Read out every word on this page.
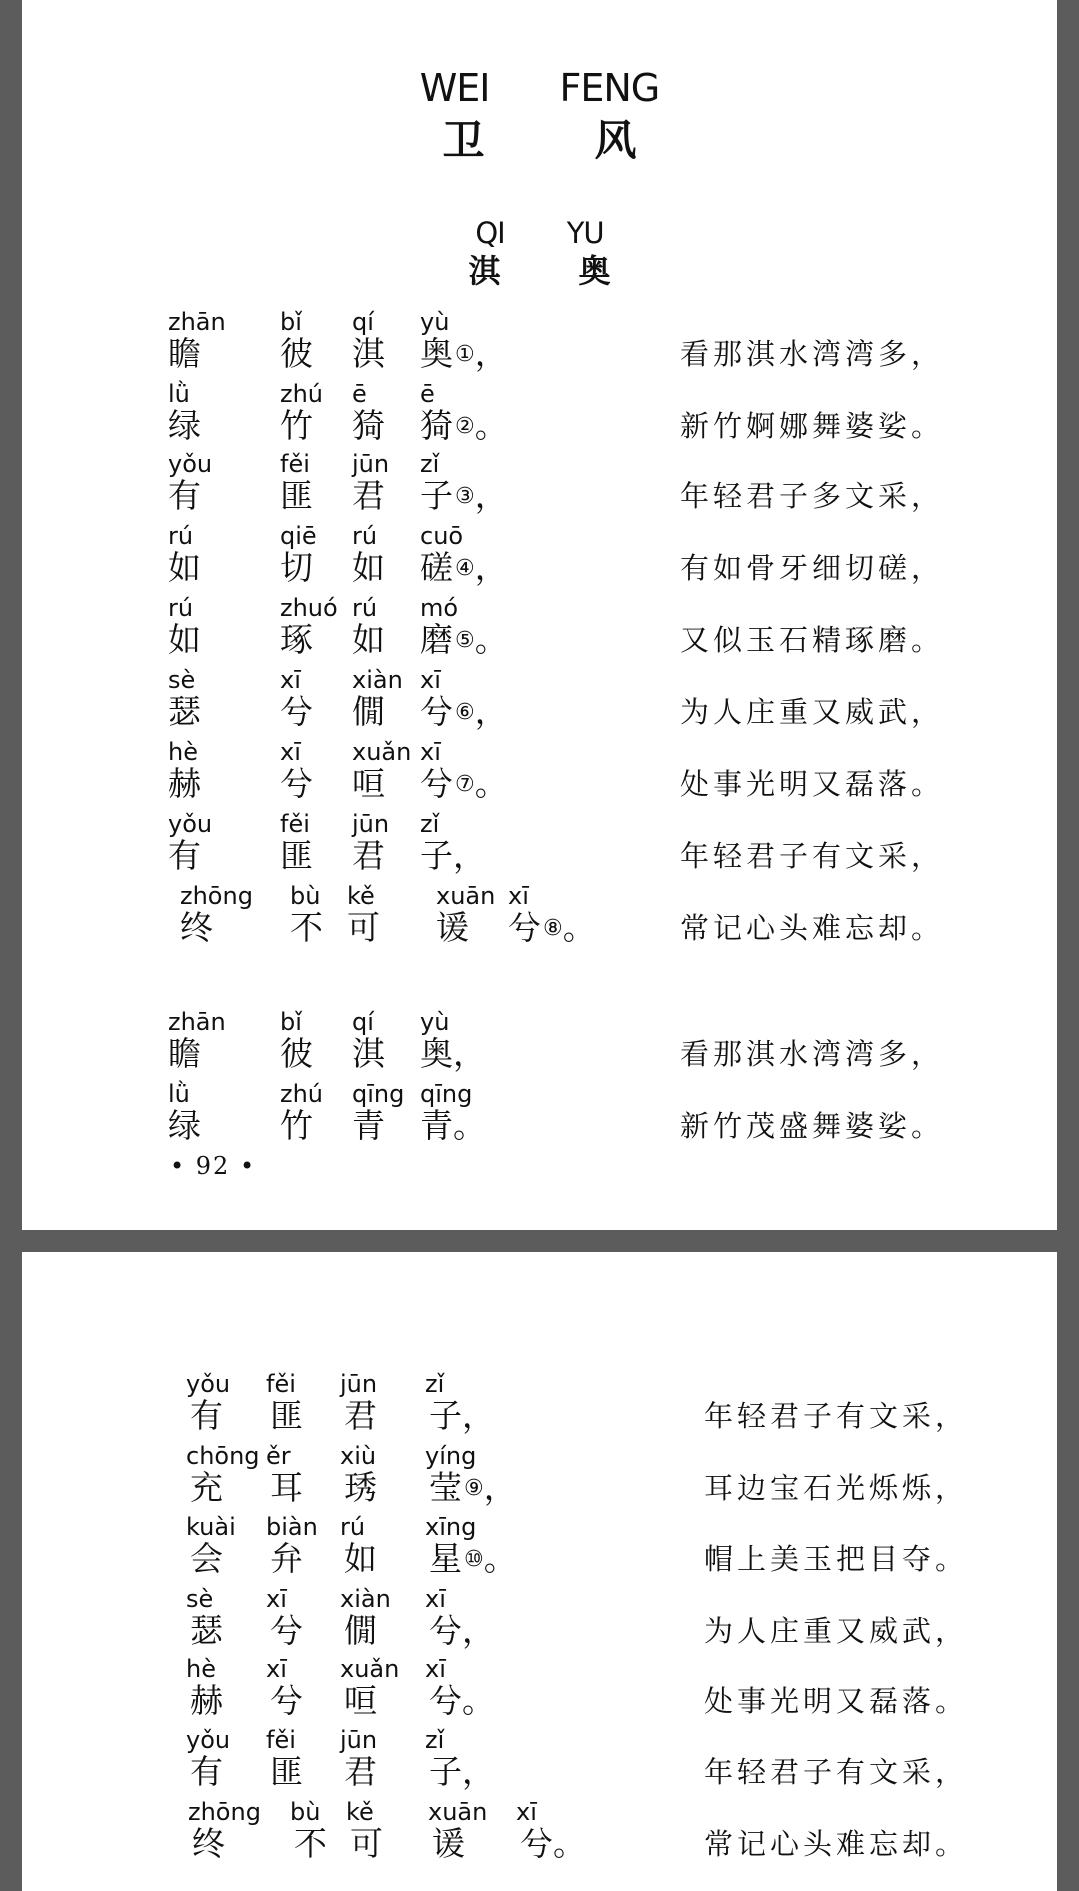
WEI FENG
卫	风
QI YU
淇 奥
zhān bǐ qí yù
瞻 彼 淇 奥①，	看那淇水湾湾多，
lǜ	zhú ē ē
绿 竹 猗 猗②。	新竹婀娜舞婆娑。
yǒu	fěi jūn zǐ
有 匪 君 子③，	年轻君子多文采，
rú	qiē rú cuō
如 切 如 磋④，	有如骨牙细切磋，
rú	zhuó rú mó
如 琢 如 磨⑤。	又似玉石精琢磨。
sè	xī xiàn xī
瑟 兮 僩 兮⑥，	为人庄重又威武，
hè	xī xuǎn xī
赫 兮 咺 兮⑦。	处事光明又磊落。
yǒu	fěi jūn zǐ
有 匪 君 子，	年轻君子有文采，
zhōng bù kě	xuān xī
终 不 可 谖 兮⑧。	常记心头难忘却。
zhān bǐ qí yù
瞻 彼 淇 奥，	看那淇水湾湾多，
lǜ	zhú qīng qīng
绿 竹 青 青。	新竹茂盛舞婆娑。
• 92 •
yǒu fěi jūn zǐ
有 匪 君 子，	年轻君子有文采，
chōng ěr xiù yíng
充 耳 琇 莹⑨，	耳边宝石光烁烁，
kuài biàn rú xīng
会 弁 如 星⑩。	帽上美玉把目夺。
sè xī xiàn xī
瑟 兮 僩 兮，	为人庄重又威武，
hè xī xuǎn xī
赫 兮 咺 兮。	处事光明又磊落。
yǒu fěi jūn zǐ
有 匪 君 子，	年轻君子有文采，
zhōng bù kě xuān xī
终 不 可 谖 兮。	常记心头难忘却。
